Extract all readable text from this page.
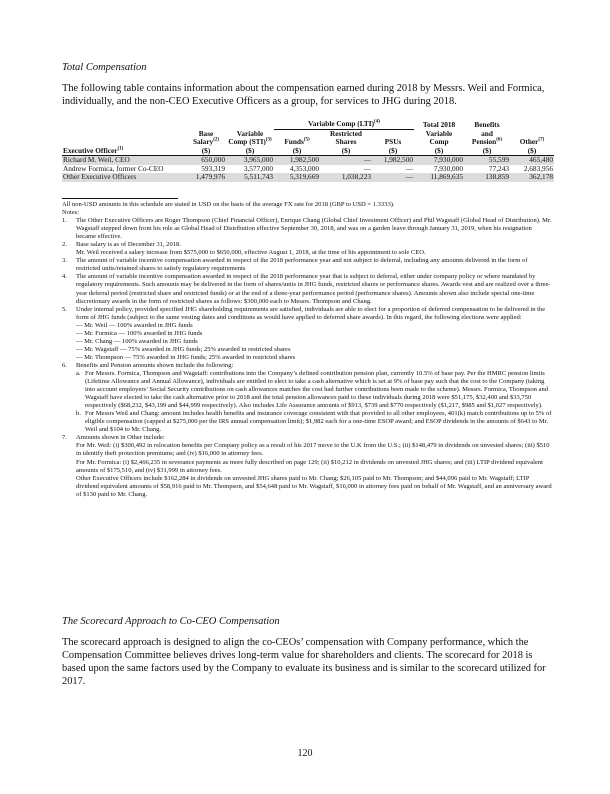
Total Compensation
The following table contains information about the compensation earned during 2018 by Messrs. Weil and Formica, individually, and the non-CEO Executive Officers as a group, for services to JHG during 2018.
			Variable Comp (LTI)$^{(4)}$			Total 2018	Benefits	
	Base	Variable		Restricted		Variable	and	
	Salary$^{(2)}$	Comp (STI)$^{(3)}$	Funds$^{(5)}$	Shares	PSUs	Comp	Pension$^{(6)}$	Other$^{(7)}$
Executive Officer$^{(1)}$	($)	($)	($)	($)	($)	($)	($)	($)
Richard M. Weil, CEO	650,000	3,965,000	1,982,500	—	1,982,500	7,930,000	55,599	465,480
Andrew Formica, former Co-CEO	593,319	3,577,000	4,353,000	—	—	7,930,000	77,243	2,683,956
Other Executive Officers	1,479,976	5,511,743	5,319,669	1,038,223	—	11,869,635	138,859	362,178

All non-USD amounts in this schedule are stated in USD on the basis of the average FX rate for 2018 (GBP to USD = 1.3333).

Notes:

1.	The Other Executive Officers are Roger Thompson (Chief Financial Officer), Enrique Chang (Global Chief Investment Officer) and Phil Wagstaff (Global Head of Distribution). Mr. Wagstaff stepped down from his role as Global Head of Distribution effective September 30, 2018, and was on a garden leave through January 31, 2019, when his resignation became effective.
2.	Base salary is as of December 31, 2018.

Mr. Weil received a salary increase from $575,000 to $650,000, effective August 1, 2018, at the time of his appointment to sole CEO.

3.	The amount of variable incentive compensation awarded in respect of the 2018 performance year and not subject to deferral, including any amounts delivered in the form of restricted units/retained shares to satisfy regulatory requirements
4.	The amount of variable incentive compensation awarded in respect of the 2018 performance year that is subject to deferral, either under company policy or where mandated by regulatory requirements. Such amounts may be delivered in the form of shares/units in JHG funds, restricted shares or performance shares. Awards vest and are realized over a three-year deferral period (restricted share and restricted funds) or at the end of a three-year performance period (performance shares). Amounts shown also include special one-time discretionary awards in the form of restricted shares as follows: $300,000 each to Messrs. Thompson and Chang.
5.	Under internal policy, provided specified JHG shareholding requirements are satisfied, individuals are able to elect for a proportion of deferred compensation to be delivered in the form of JHG funds (subject to the same vesting dates and conditions as would have applied to deferred share awards). In this regard, the following elections were applied:

— Mr. Weil — 100% awarded in JHG funds

— Mr. Formica — 100% awarded in JHG funds

— Mr. Chang — 100% awarded in JHG funds

— Mr. Wagstaff — 75% awarded in JHG funds; 25% awarded in restricted shares

— Mr. Thompson — 75% awarded in JHG funds; 25% awarded in restricted shares

6.	Benefits and Pension amounts shown include the following:
a. For Messrs. Formica, Thompson and Wagstaff: contributions into the Company’s defined contribution pension plan, currently 10.5% of base pay. Per the HMRC pension limits (Lifetime Allowance and Annual Allowance), individuals are entitled to elect to take a cash alternative which is set at 9% of base pay such that the cost to the Company (taking into account employers’ Social Security contributions on cash allowances matches the cost had further contributions been made to the scheme). Messrs. Formica, Thompson and Wagstaff have elected to take the cash alternative prior to 2018 and the total pension allowances paid to these individuals during 2018 were $51,175, $32,400 and $33,750 respectively ($68,232, $43,199 and $44,999 respectively). Also includes Life Assurance amounts of $913, $739 and $770 respectively ($1,217, $985 and $1,027 respectively).
b. For Messrs Weil and Chang: amount includes health benefits and insurance coverage consistent with that provided to all other employees, 401(k) match contributions up to 5% of eligible compensation (capped at $275,000 per the IRS annual compensation limit); $1,982 each for a one-time ESOP award; and ESOP dividends in the amounts of $643 to Mr. Weil and $104 to Mr. Chang.
7.	Amounts shown in Other include:

For Mr. Weil: (i) $300,492 in relocation benefits per Company policy as a result of his 2017 move to the U.K from the U.S.; (ii) $148,479 in dividends on unvested shares; (iii) $510 in identify theft protection premiums; and (iv) $16,000 in attorney fees.

For Mr. Formica: (i) $2,466,235 in severance payments as more fully described on page 129; (ii) $10,212 in dividends on unvested JHG shares; and (iii) LTIP dividend equivalent amounts of $175,510, and (iv) $31,999 in attorney fees.

Other Executive Officers include $162,284 in dividends on unvested JHG shares paid to Mr. Chang; $26,105 paid to Mr. Thompson; and $44,096 paid to Mr. Wagstaff; LTIP dividend equivalent amounts of $58,916 paid to Mr. Thompson, and $54,648 paid to Mr. Wagstaff, $16,000 in attorney fees paid on behalf of Mr. Wagstaff, and an anniversary award of $130 paid to Mr. Chang.

The Scorecard Approach to Co-CEO Compensation
The scorecard approach is designed to align the co-CEOs’ compensation with Company performance, which the Compensation Committee believes drives long-term value for shareholders and clients. The scorecard for 2018 is based upon the same factors used by the Company to evaluate its business and is similar to the scorecard utilized for 2017.
120
